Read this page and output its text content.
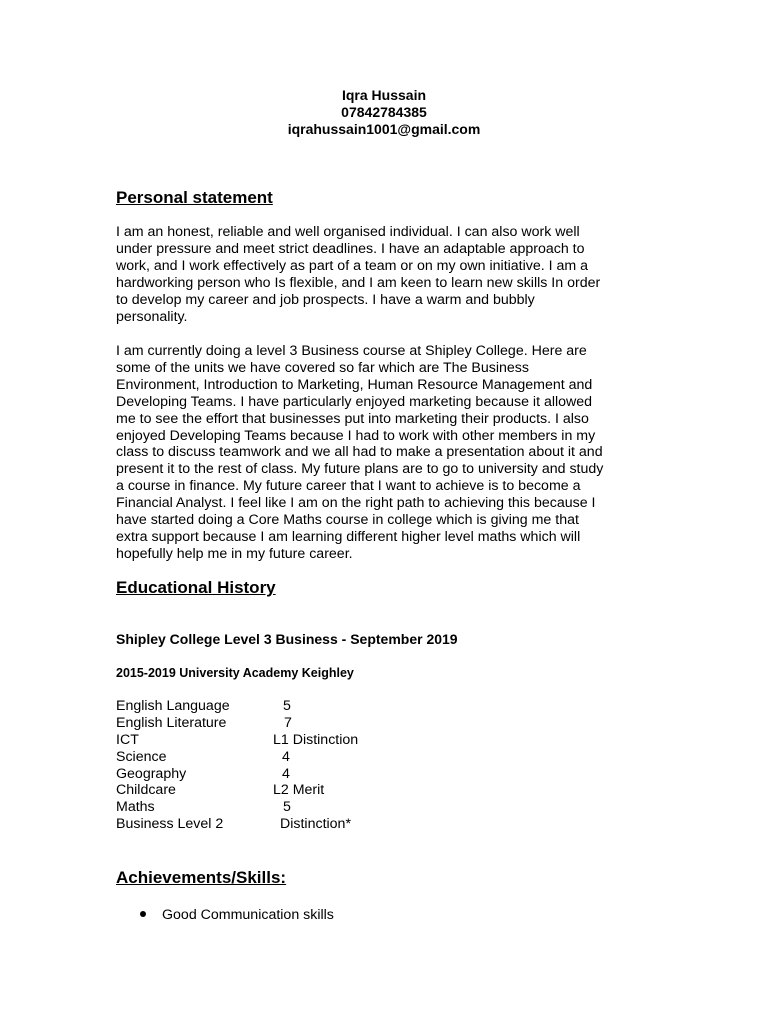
Iqra Hussain
07842784385
iqrahussain1001@gmail.com
Personal statement
I am an honest, reliable and well organised individual. I can also work well
under pressure and meet strict deadlines. I have an adaptable approach to
work, and I work effectively as part of a team or on my own initiative. I am a
hardworking person who Is flexible, and I am keen to learn new skills In order
to develop my career and job prospects. I have a warm and bubbly
personality.
I am currently doing a level 3 Business course at Shipley College. Here are
some of the units we have covered so far which are The Business
Environment, Introduction to Marketing, Human Resource Management and
Developing Teams. I have particularly enjoyed marketing because it allowed
me to see the effort that businesses put into marketing their products. I also
enjoyed Developing Teams because I had to work with other members in my
class to discuss teamwork and we all had to make a presentation about it and
present it to the rest of class. My future plans are to go to university and study
a course in finance. My future career that I want to achieve is to become a
Financial Analyst. I feel like I am on the right path to achieving this because I
have started doing a Core Maths course in college which is giving me that
extra support because I am learning different higher level maths which will
hopefully help me in my future career.
Educational History
Shipley College Level 3 Business - September 2019
2015-2019 University Academy Keighley
English Language	5
English Literature	7
ICT	L1 Distinction
Science	4
Geography	4
Childcare	L2 Merit
Maths	5
Business Level 2	Distinction*
Achievements/Skills:
Good Communication skills
